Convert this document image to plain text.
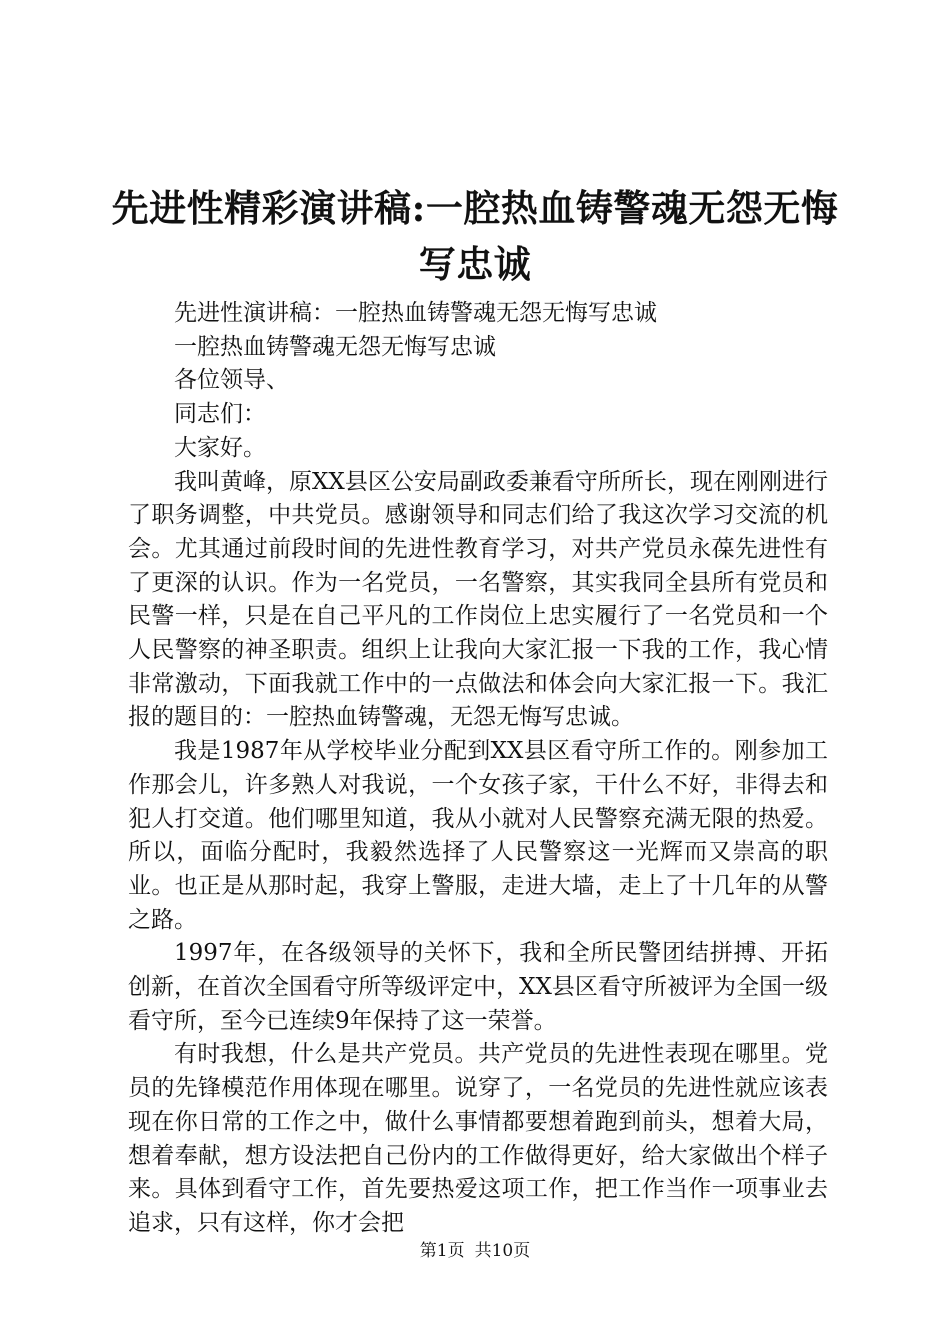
先进性精彩演讲稿:一腔热血铸警魂无怨无悔
写忠诚

先进性演讲稿：一腔热血铸警魂无怨无悔写忠诚

一腔热血铸警魂无怨无悔写忠诚

各位领导、

同志们：

大家好。

我叫黄峰，原XX县区公安局副政委兼看守所所长，现在刚刚进行了职务调整，中共党员。感谢领导和同志们给了我这次学习交流的机会。尤其通过前段时间的先进性教育学习，对共产党员永葆先进性有了更深的认识。作为一名党员，一名警察，其实我同全县所有党员和民警一样，只是在自己平凡的工作岗位上忠实履行了一名党员和一个人民警察的神圣职责。组织上让我向大家汇报一下我的工作，我心情非常激动，下面我就工作中的一点做法和体会向大家汇报一下。我汇报的题目的：一腔热血铸警魂，无怨无悔写忠诚。

我是1987年从学校毕业分配到XX县区看守所工作的。刚参加工作那会儿，许多熟人对我说，一个女孩子家，干什么不好，非得去和犯人打交道。他们哪里知道，我从小就对人民警察充满无限的热爱。所以，面临分配时，我毅然选择了人民警察这一光辉而又崇高的职业。也正是从那时起，我穿上警服，走进大墙，走上了十几年的从警之路。

1997年，在各级领导的关怀下，我和全所民警团结拼搏、开拓创新，在首次全国看守所等级评定中，XX县区看守所被评为全国一级看守所，至今已连续9年保持了这一荣誉。

有时我想，什么是共产党员。共产党员的先进性表现在哪里。党员的先锋模范作用体现在哪里。说穿了，一名党员的先进性就应该表现在你日常的工作之中，做什么事情都要想着跑到前头，想着大局，想着奉献，想方设法把自己份内的工作做得更好，给大家做出个样子来。具体到看守工作，首先要热爱这项工作，把工作当作一项事业去追求，只有这样，你才会把

第1页 共10页
